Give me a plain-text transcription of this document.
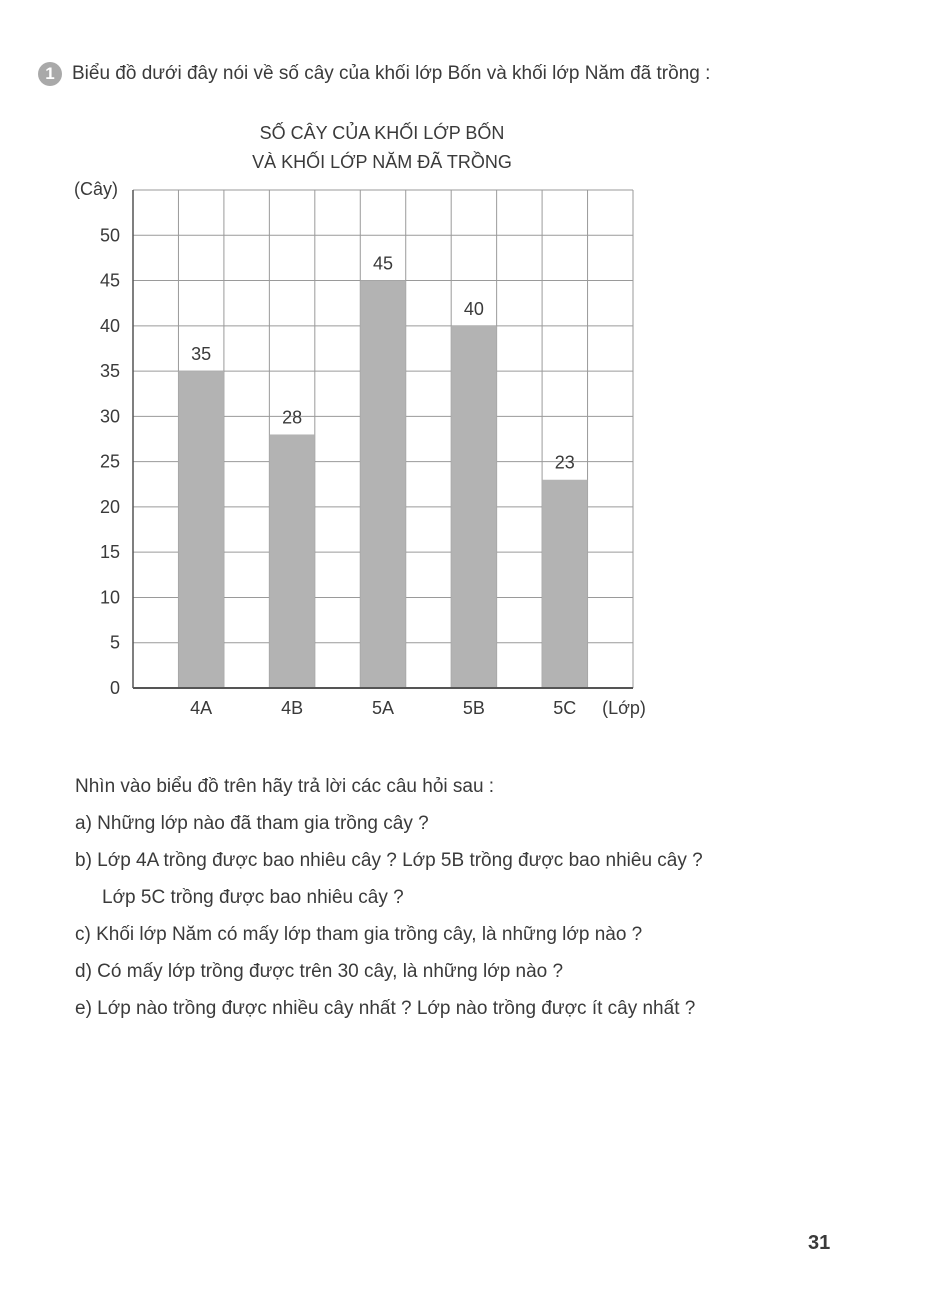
1 Biểu đồ dưới đây nói về số cây của khối lớp Bốn và khối lớp Năm đã trồng :
SỐ CÂY CỦA KHỐI LỚP BỐN
VÀ KHỐI LỚP NĂM ĐÃ TRỒNG
(Cây)
0
5
10
15
20
25
30
35
40
45
50
35
4A
28
4B
45
5A
40
5B
23
5C (Lớp)
Nhìn vào biểu đồ trên hãy trả lời các câu hỏi sau :
a) Những lớp nào đã tham gia trồng cây ?
b) Lớp 4A trồng được bao nhiêu cây ? Lớp 5B trồng được bao nhiêu cây ?
Lớp 5C trồng được bao nhiêu cây ?
c) Khối lớp Năm có mấy lớp tham gia trồng cây, là những lớp nào ?
d) Có mấy lớp trồng được trên 30 cây, là những lớp nào ?
e) Lớp nào trồng được nhiều cây nhất ? Lớp nào trồng được ít cây nhất ?
31
